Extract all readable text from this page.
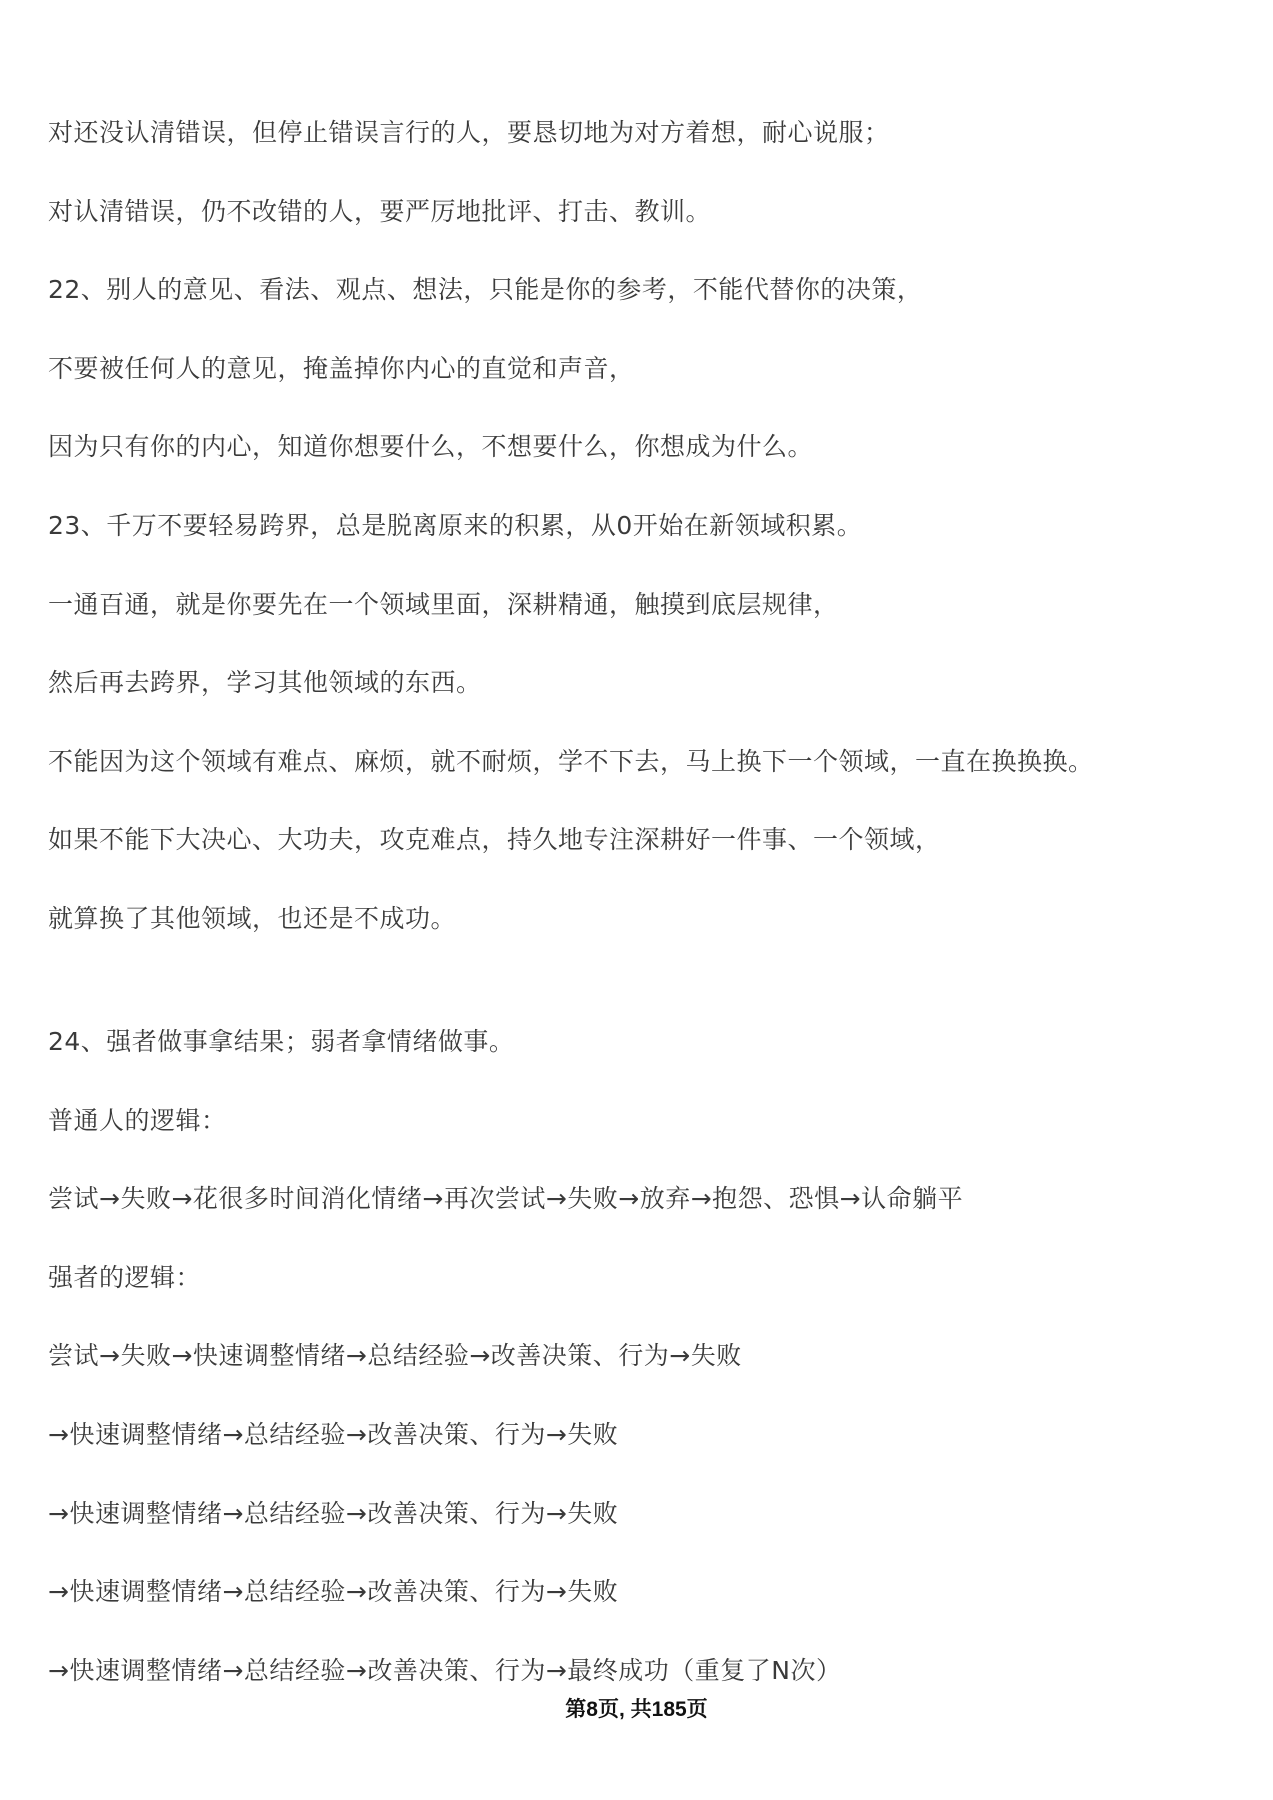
对还没认清错误，但停止错误言行的人，要恳切地为对方着想，耐心说服；
对认清错误，仍不改错的人，要严厉地批评、打击、教训。
22、别人的意见、看法、观点、想法，只能是你的参考，不能代替你的决策，
不要被任何人的意见，掩盖掉你内心的直觉和声音，
因为只有你的内心，知道你想要什么，不想要什么，你想成为什么。
23、千万不要轻易跨界，总是脱离原来的积累，从0开始在新领域积累。
一通百通，就是你要先在一个领域里面，深耕精通，触摸到底层规律，
然后再去跨界，学习其他领域的东西。
不能因为这个领域有难点、麻烦，就不耐烦，学不下去，马上换下一个领域，一直在换换换。
如果不能下大决心、大功夫，攻克难点，持久地专注深耕好一件事、一个领域，
就算换了其他领域，也还是不成功。
24、强者做事拿结果；弱者拿情绪做事。
普通人的逻辑：
尝试→失败→花很多时间消化情绪→再次尝试→失败→放弃→抱怨、恐惧→认命躺平
强者的逻辑：
尝试→失败→快速调整情绪→总结经验→改善决策、行为→失败
→快速调整情绪→总结经验→改善决策、行为→失败
→快速调整情绪→总结经验→改善决策、行为→失败
→快速调整情绪→总结经验→改善决策、行为→失败
→快速调整情绪→总结经验→改善决策、行为→最终成功（重复了N次）
第8页, 共185页
